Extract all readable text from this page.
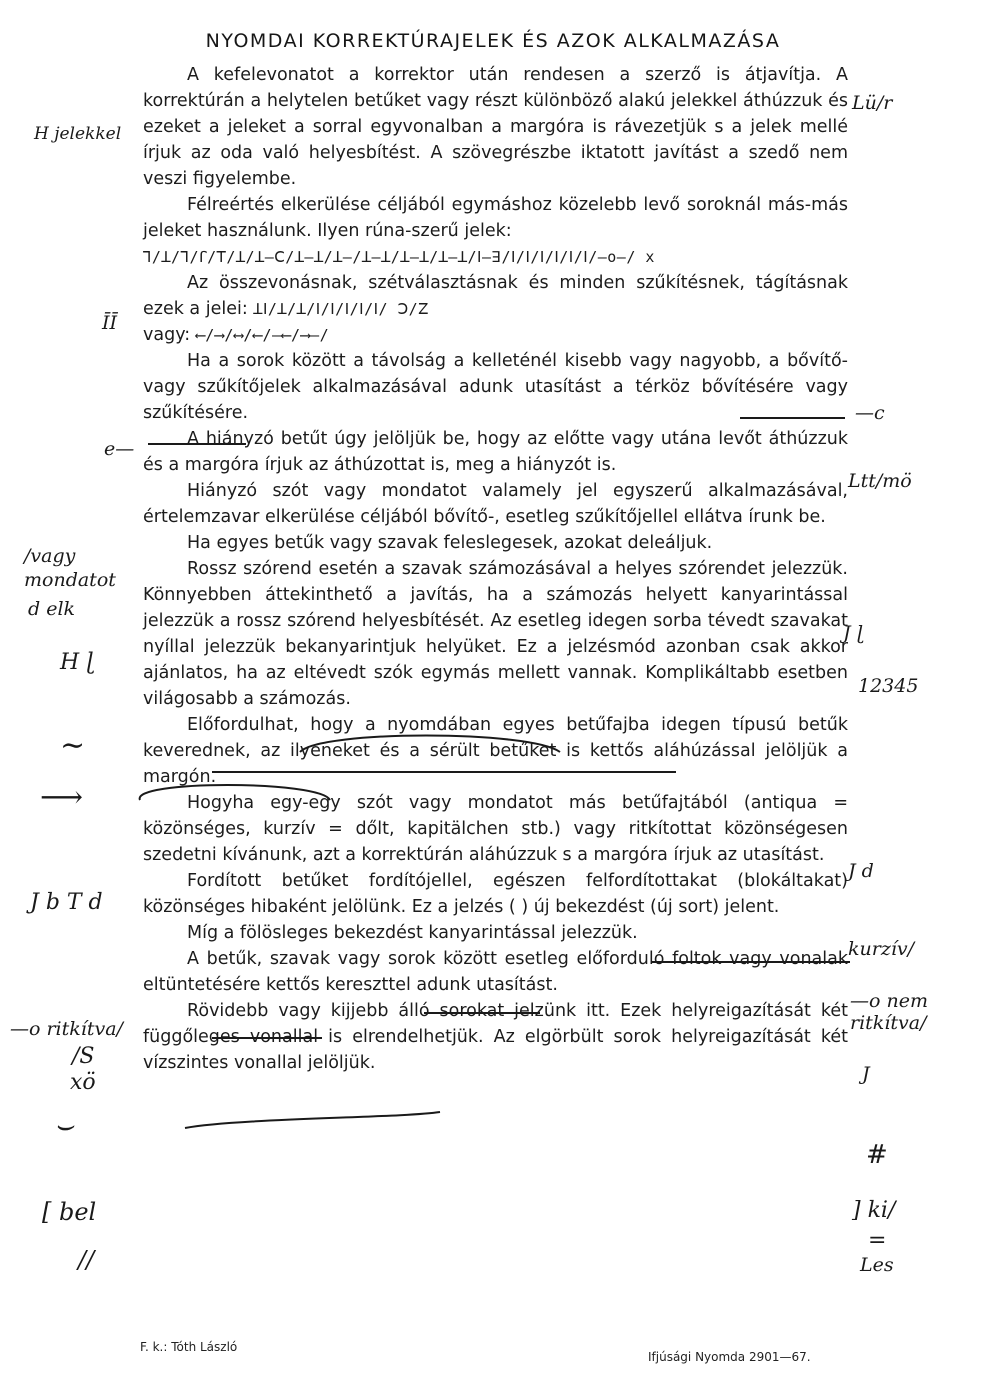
NYOMDAI KORREKTÚRAJELEK ÉS AZOK ALKALMAZÁSA

A kefelevonatot a korrektor után rendesen a szerző is átjavítja. A korrektúrán a helytelen betűket vagy részt különböző alakú jelekkel áthúzzuk és ezeket a jeleket a sorral egyvonalban a margóra is rávezetjük s a jelek mellé írjuk az oda való helyesbítést. A szövegrészbe iktatott javítást a szedő nem veszi figyelembe.

Félreértés elkerülése céljából egymáshoz közelebb levő soroknál más-más jeleket használunk. Ilyen rúna-szerű jelek:

ꓶ/ꓕ/ꓶ/ꓩ/ꓔ/ꓕ/ꓕ—ꓚ/ꓕ—ꓕ/ꓕ—/ꓕ—ꓕ/ꓕ—ꓕ/ꓕ—ꓕ/ꓲ—ꓱ/ꓲ/ꓲ/ꓲ/ꓲ/ꓲ/ꓲ/—o—/ x

Az összevonásnak, szétválasztásnak és minden szűkítésnek, tágításnak ezek a jelei: ꓕꓲ/ꓕ/ꓕ/ꓲ/ꓲ/ꓲ/ꓲ/ꓲ/ ꓛ/ꓜ

vagy: ⟵/⟶/⟷/⟵/—⟵/⟶—/

Ha a sorok között a távolság a kelleténél kisebb vagy nagyobb, a bővítő- vagy szűkítőjelek alkalmazásával adunk utasítást a térköz bővítésére vagy szűkítésére.

A hiányzó betűt úgy jelöljük be, hogy az előtte vagy utána levőt áthúzzuk és a margóra írjuk az áthúzottat is, meg a hiányzót is.

Hiányzó szót vagy mondatot valamely jel egyszerű alkalmazásával, értelemzavar elkerülése céljából bővítő-, esetleg szűkítőjellel ellátva írunk be.

Ha egyes betűk vagy szavak feleslegesek, azokat deleáljuk.

Rossz szórend esetén a szavak számozásával a helyes szórendet jelezzük. Könnyebben áttekinthető a javítás, ha a számozás helyett kanyarintással jelezzük a rossz szórend helyesbítését. Az esetleg idegen sorba tévedt szavakat nyíllal jelezzük bekanyarintjuk helyüket. Ez a jelzésmód azonban csak akkor ajánlatos, ha az eltévedt szók egymás mellett vannak. Komplikáltabb esetben világosabb a számozás.

Előfordulhat, hogy a nyomdában egyes betűfajba idegen típusú betűk keverednek, az ilyeneket és a sérült betűket is kettős aláhúzással jelöljük a margón.

Hogyha egy-egy szót vagy mondatot más betűfajtából (antiqua = közönséges, kurzív = dőlt, kapitälchen stb.) vagy ritkítottat közönségesen szedetni kívánunk, azt a korrektúrán aláhúzzuk s a margóra írjuk az utasítást.

Fordított betűket fordítójellel, egészen felfordítottakat (blokáltakat) közönséges hibaként jelölünk. Ez a jelzés ( ) új bekezdést (új sort) jelent.

Míg a fölösleges bekezdést kanyarintással jelezzük.

A betűk, szavak vagy sorok között esetleg előforduló foltok vagy vonalak eltüntetésére kettős kereszttel adunk utasítást.

Rövidebb vagy kijjebb álló sorokat jelzünk itt. Ezek helyreigazítását két függőleges vonallal is elrendelhetjük. Az elgörbült sorok helyreigazítását két vízszintes vonallal jelöljük.

Lü/r
—c
Ltt/mö
J ɭ
12345
J d
kurzív/
—o nem ritkítva/
J
#
] ki/
=
Les
H jelekkel
ĪĪ
e—
/vagy mondatot
d elk
H ɭ
∼
⟶
J b T d
—o ritkítva/
/S
xö
⌣
[ bel
//
F. k.: Tóth László
Ifjúsági Nyomda 2901—67.
